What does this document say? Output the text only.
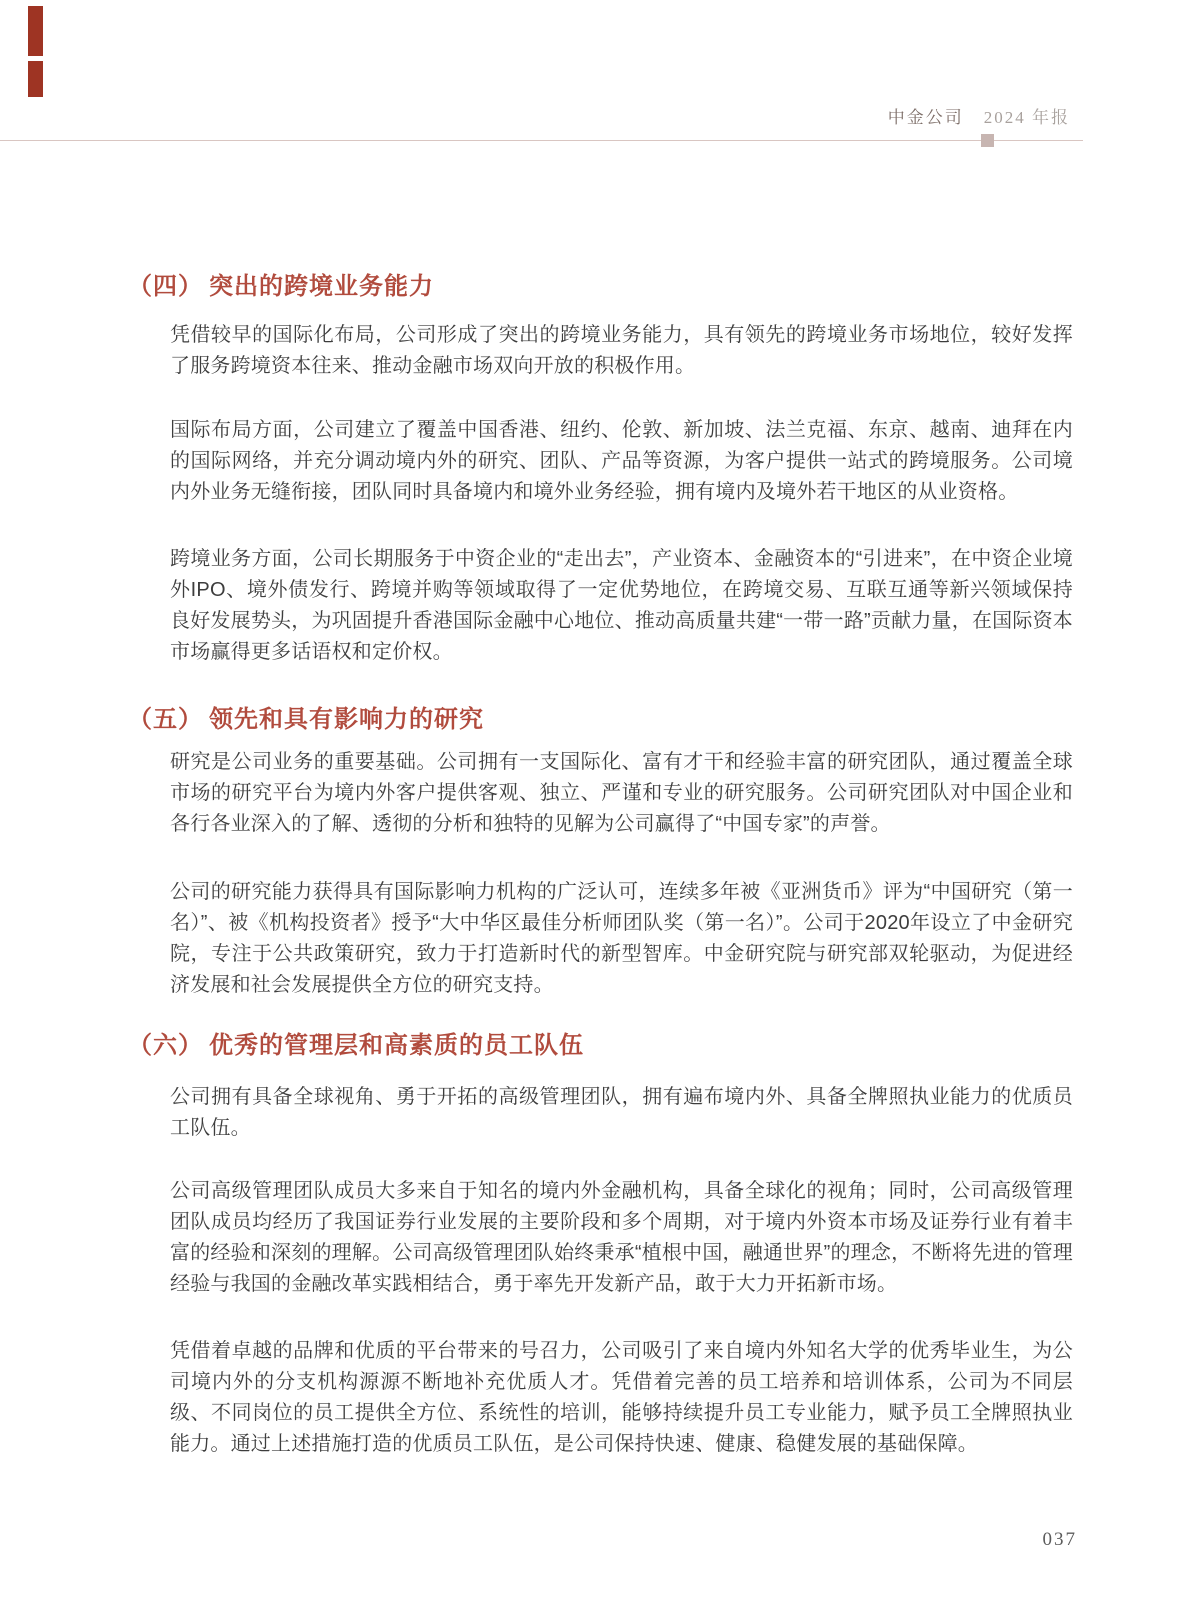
中金公司 2024 年报
（四） 突出的跨境业务能力

凭借较早的国际化布局，公司形成了突出的跨境业务能力，具有领先的跨境业务市场地位，较好发挥了服务跨境资本往来、推动金融市场双向开放的积极作用。

国际布局方面，公司建立了覆盖中国香港、纽约、伦敦、新加坡、法兰克福、东京、越南、迪拜在内的国际网络，并充分调动境内外的研究、团队、产品等资源，为客户提供一站式的跨境服务。公司境内外业务无缝衔接，团队同时具备境内和境外业务经验，拥有境内及境外若干地区的从业资格。

跨境业务方面，公司长期服务于中资企业的“走出去”，产业资本、金融资本的“引进来”，在中资企业境外IPO、境外债发行、跨境并购等领域取得了一定优势地位，在跨境交易、互联互通等新兴领域保持良好发展势头，为巩固提升香港国际金融中心地位、推动高质量共建“一带一路”贡献力量，在国际资本市场赢得更多话语权和定价权。

（五） 领先和具有影响力的研究

研究是公司业务的重要基础。公司拥有一支国际化、富有才干和经验丰富的研究团队，通过覆盖全球市场的研究平台为境内外客户提供客观、独立、严谨和专业的研究服务。公司研究团队对中国企业和各行各业深入的了解、透彻的分析和独特的见解为公司赢得了“中国专家”的声誉。

公司的研究能力获得具有国际影响力机构的广泛认可，连续多年被《亚洲货币》评为“中国研究（第一名）”、被《机构投资者》授予“大中华区最佳分析师团队奖（第一名）”。公司于2020年设立了中金研究院，专注于公共政策研究，致力于打造新时代的新型智库。中金研究院与研究部双轮驱动，为促进经济发展和社会发展提供全方位的研究支持。

（六） 优秀的管理层和高素质的员工队伍

公司拥有具备全球视角、勇于开拓的高级管理团队，拥有遍布境内外、具备全牌照执业能力的优质员工队伍。

公司高级管理团队成员大多来自于知名的境内外金融机构，具备全球化的视角；同时，公司高级管理团队成员均经历了我国证券行业发展的主要阶段和多个周期，对于境内外资本市场及证券行业有着丰富的经验和深刻的理解。公司高级管理团队始终秉承“植根中国，融通世界”的理念，不断将先进的管理经验与我国的金融改革实践相结合，勇于率先开发新产品，敢于大力开拓新市场。

凭借着卓越的品牌和优质的平台带来的号召力，公司吸引了来自境内外知名大学的优秀毕业生，为公司境内外的分支机构源源不断地补充优质人才。凭借着完善的员工培养和培训体系，公司为不同层级、不同岗位的员工提供全方位、系统性的培训，能够持续提升员工专业能力，赋予员工全牌照执业能力。通过上述措施打造的优质员工队伍，是公司保持快速、健康、稳健发展的基础保障。

037
